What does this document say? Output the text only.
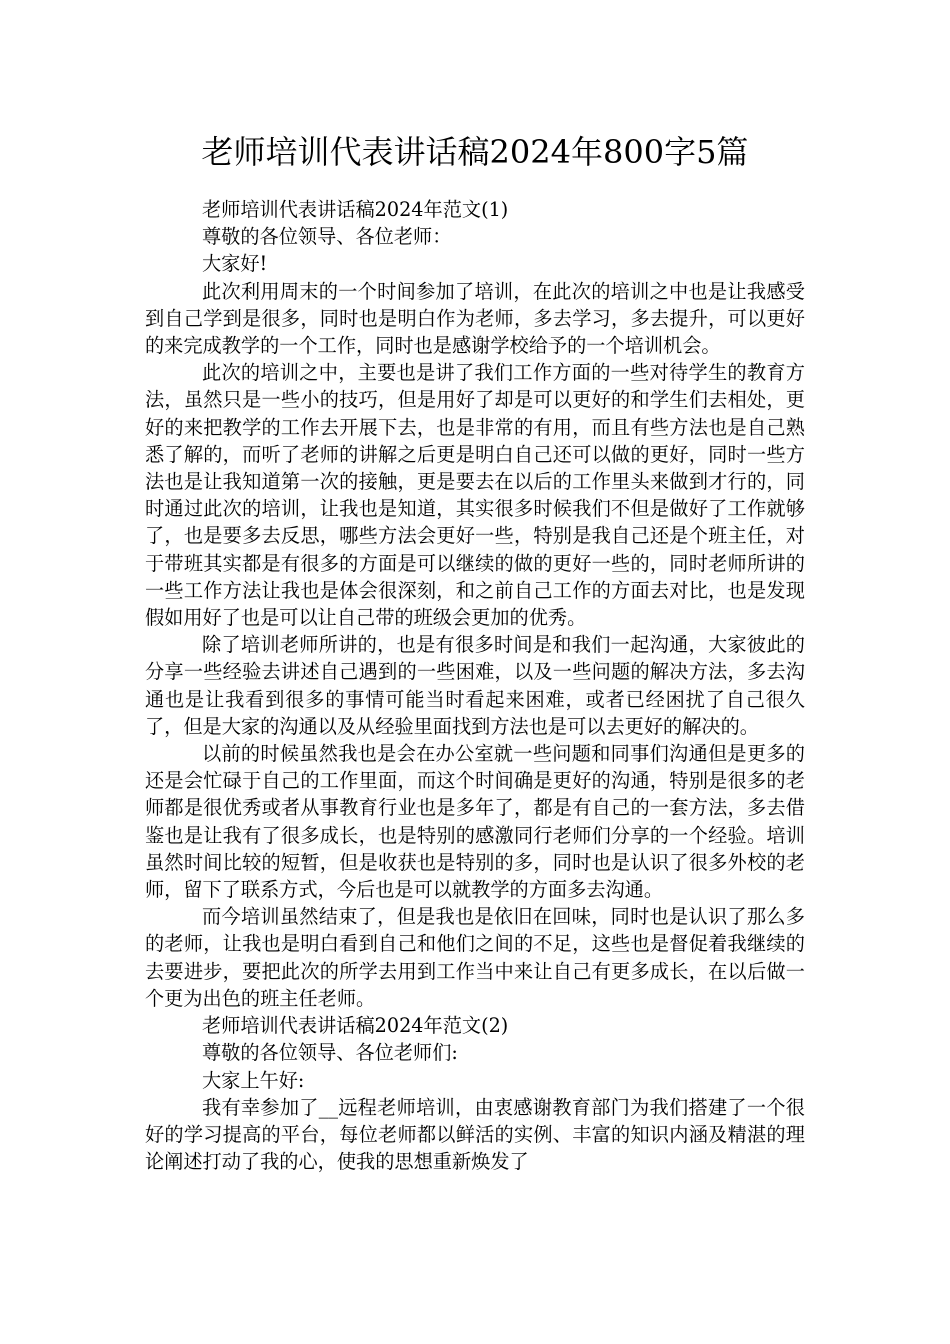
老师培训代表讲话稿2024年800字5篇

老师培训代表讲话稿2024年范文(1)

尊敬的各位领导、各位老师：

大家好!

此次利用周末的一个时间参加了培训，在此次的培训之中也是让我感受到自己学到是很多，同时也是明白作为老师，多去学习，多去提升，可以更好的来完成教学的一个工作，同时也是感谢学校给予的一个培训机会。

此次的培训之中，主要也是讲了我们工作方面的一些对待学生的教育方法，虽然只是一些小的技巧，但是用好了却是可以更好的和学生们去相处，更好的来把教学的工作去开展下去，也是非常的有用，而且有些方法也是自己熟悉了解的，而听了老师的讲解之后更是明白自己还可以做的更好，同时一些方法也是让我知道第一次的接触，更是要去在以后的工作里头来做到才行的，同时通过此次的培训，让我也是知道，其实很多时候我们不但是做好了工作就够了，也是要多去反思，哪些方法会更好一些，特别是我自己还是个班主任，对于带班其实都是有很多的方面是可以继续的做的更好一些的，同时老师所讲的一些工作方法让我也是体会很深刻，和之前自己工作的方面去对比，也是发现假如用好了也是可以让自己带的班级会更加的优秀。

除了培训老师所讲的，也是有很多时间是和我们一起沟通，大家彼此的分享一些经验去讲述自己遇到的一些困难，以及一些问题的解决方法，多去沟通也是让我看到很多的事情可能当时看起来困难，或者已经困扰了自己很久了，但是大家的沟通以及从经验里面找到方法也是可以去更好的解决的。

以前的时候虽然我也是会在办公室就一些问题和同事们沟通但是更多的还是会忙碌于自己的工作里面，而这个时间确是更好的沟通，特别是很多的老师都是很优秀或者从事教育行业也是多年了，都是有自己的一套方法，多去借鉴也是让我有了很多成长，也是特别的感激同行老师们分享的一个经验。培训虽然时间比较的短暂，但是收获也是特别的多，同时也是认识了很多外校的老师，留下了联系方式，今后也是可以就教学的方面多去沟通。

而今培训虽然结束了，但是我也是依旧在回味，同时也是认识了那么多的老师，让我也是明白看到自己和他们之间的不足，这些也是督促着我继续的去要进步，要把此次的所学去用到工作当中来让自己有更多成长，在以后做一个更为出色的班主任老师。

老师培训代表讲话稿2024年范文(2)

尊敬的各位领导、各位老师们:

大家上午好:

我有幸参加了__远程老师培训，由衷感谢教育部门为我们搭建了一个很好的学习提高的平台，每位老师都以鲜活的实例、丰富的知识内涵及精湛的理论阐述打动了我的心，使我的思想重新焕发了
